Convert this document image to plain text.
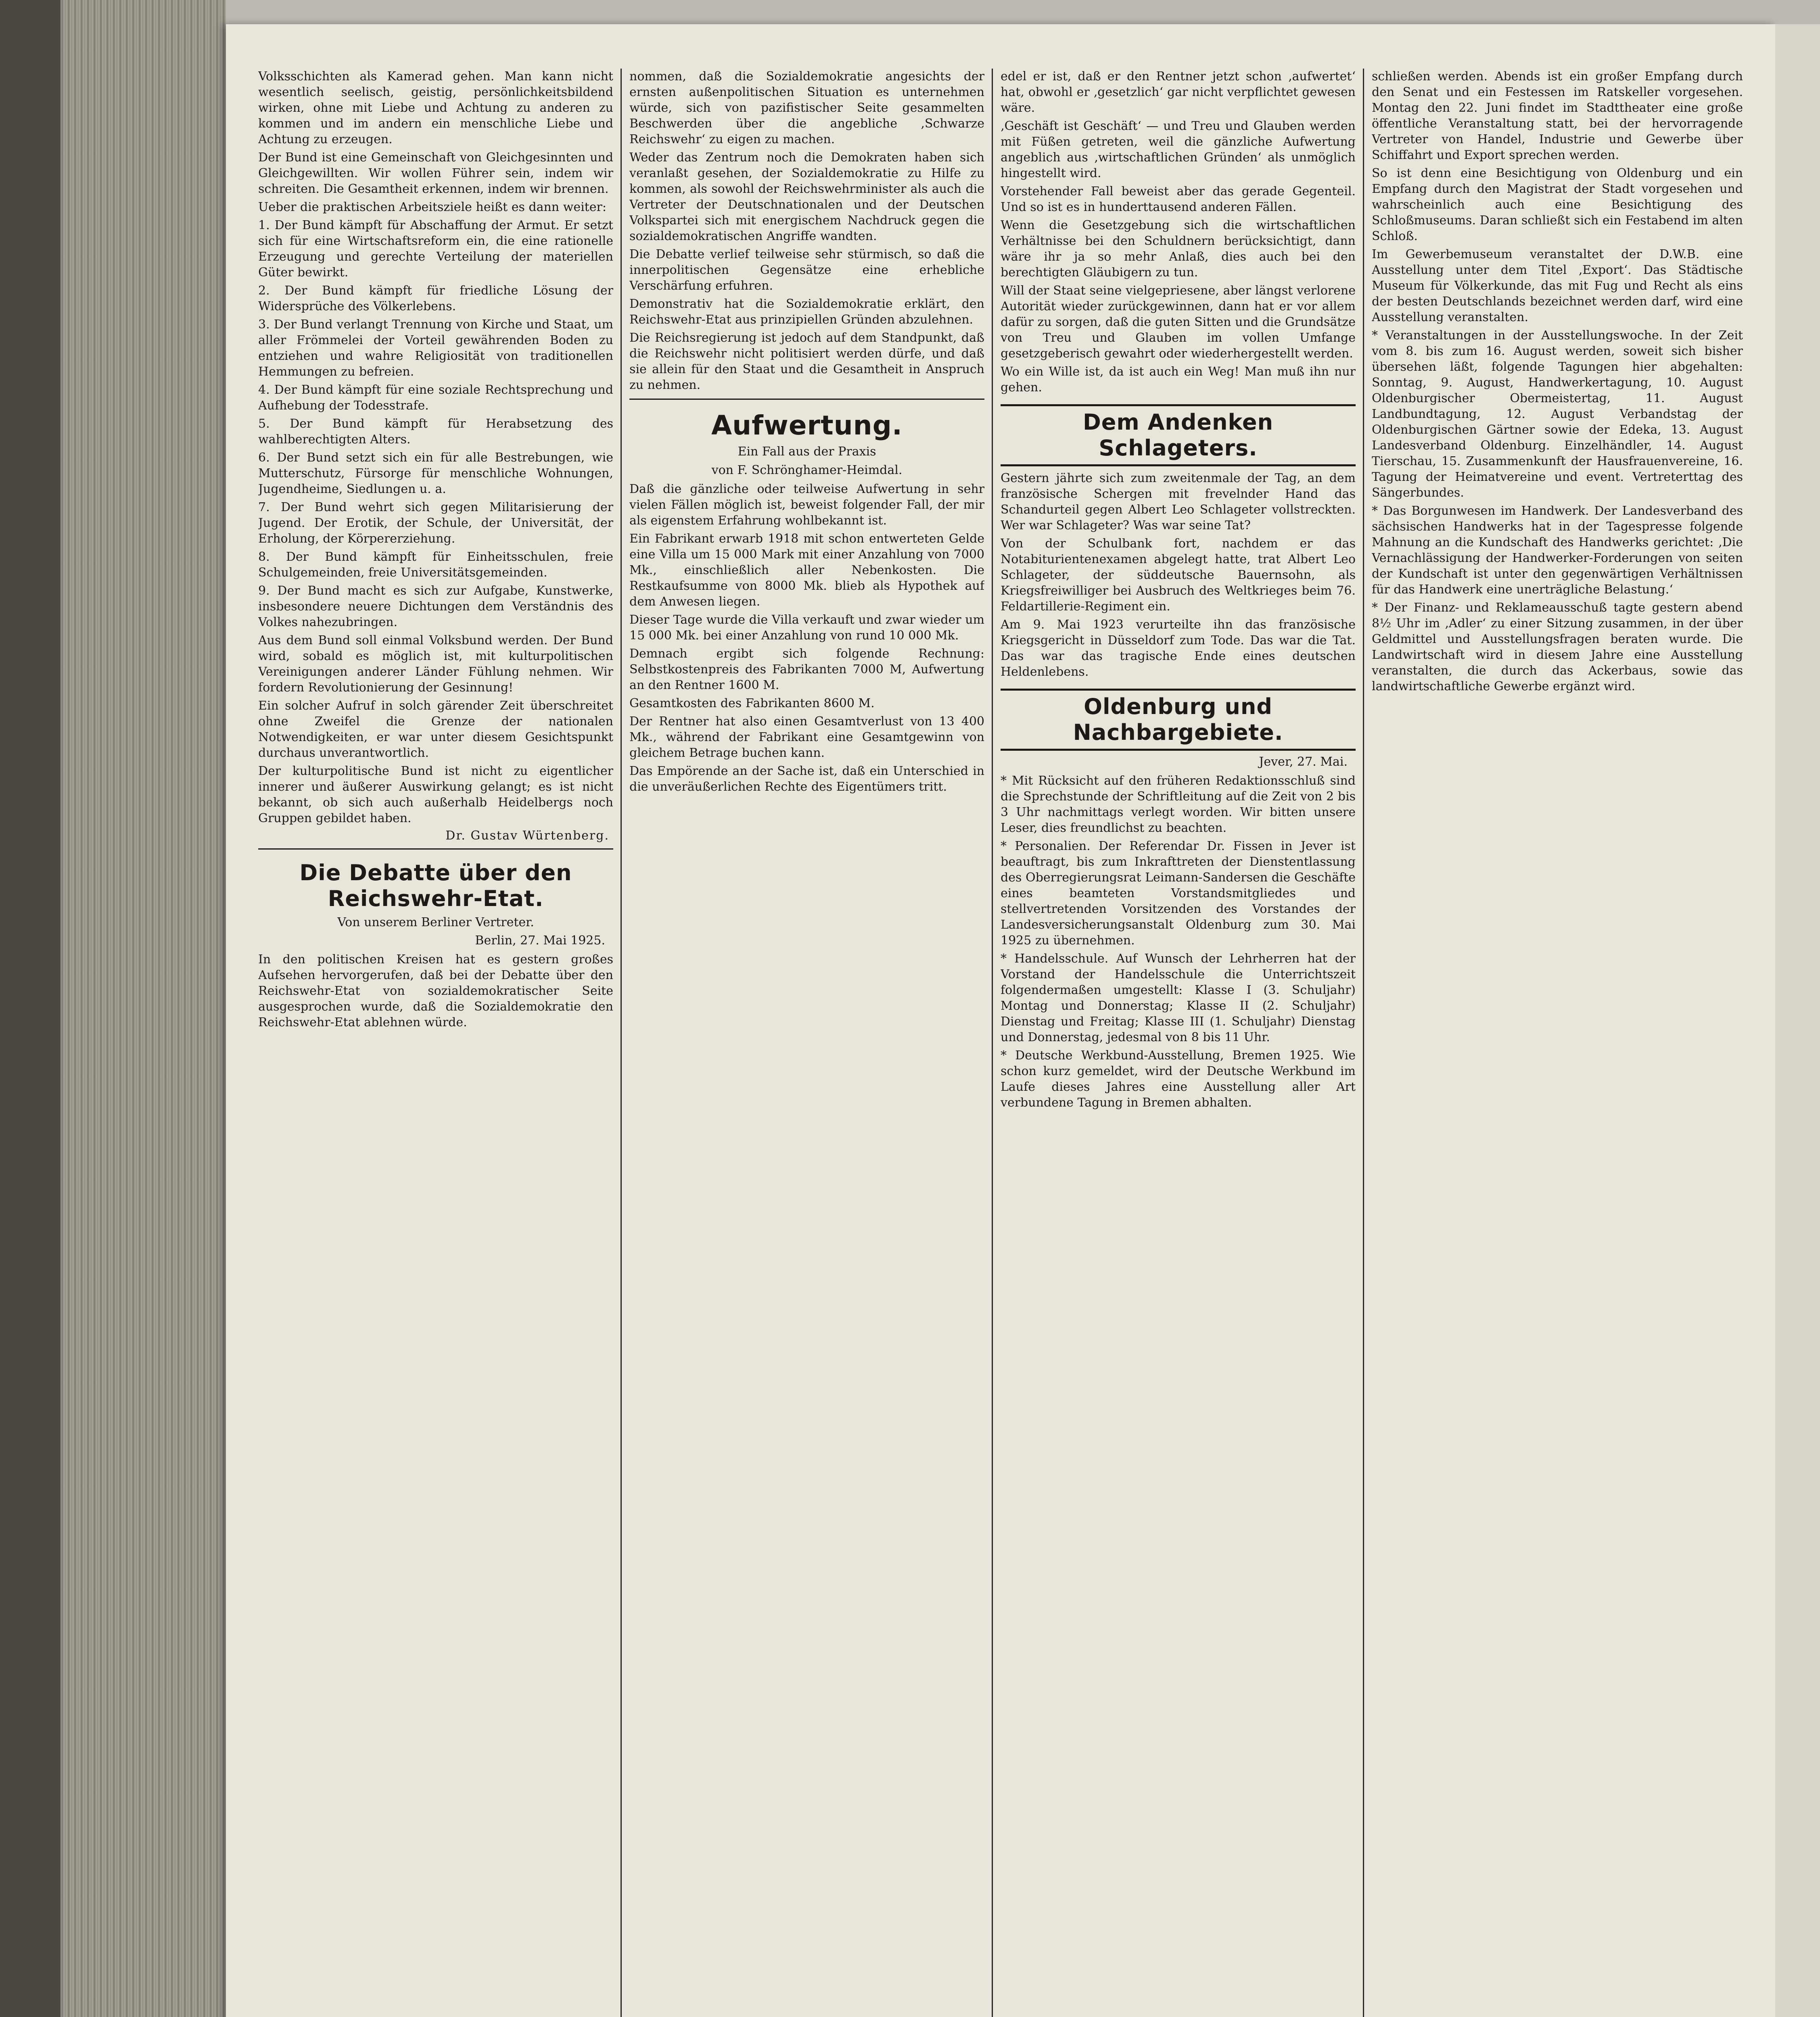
Volksschichten als Kamerad gehen. Man kann nicht wesentlich seelisch, geistig, persönlichkeitsbildend wirken, ohne mit Liebe und Achtung zu anderen zu kommen und im andern ein menschliche Liebe und Achtung zu erzeugen.

Der Bund ist eine Gemeinschaft von Gleichgesinnten und Gleichgewillten. Wir wollen Führer sein, indem wir schreiten. Die Gesamtheit erkennen, indem wir brennen.

Ueber die praktischen Arbeitsziele heißt es dann weiter:

1. Der Bund kämpft für Abschaffung der Armut. Er setzt sich für eine Wirtschaftsreform ein, die eine rationelle Erzeugung und gerechte Verteilung der materiellen Güter bewirkt.

2. Der Bund kämpft für friedliche Lösung der Widersprüche des Völkerlebens.

3. Der Bund verlangt Trennung von Kirche und Staat, um aller Frömmelei der Vorteil gewährenden Boden zu entziehen und wahre Religiosität von traditionellen Hemmungen zu befreien.

4. Der Bund kämpft für eine soziale Rechtsprechung und Aufhebung der Todesstrafe.

5. Der Bund kämpft für Herabsetzung des wahlberechtigten Alters.

6. Der Bund setzt sich ein für alle Bestrebungen, wie Mutterschutz, Fürsorge für menschliche Wohnungen, Jugendheime, Siedlungen u. a.

7. Der Bund wehrt sich gegen Militarisierung der Jugend. Der Erotik, der Schule, der Universität, der Erholung, der Körpererziehung.

8. Der Bund kämpft für Einheitsschulen, freie Schulgemeinden, freie Universitätsgemeinden.

9. Der Bund macht es sich zur Aufgabe, Kunstwerke, insbesondere neuere Dichtungen dem Verständnis des Volkes nahezubringen.

Aus dem Bund soll einmal Volksbund werden. Der Bund wird, sobald es möglich ist, mit kulturpolitischen Vereinigungen anderer Länder Fühlung nehmen. Wir fordern Revolutionierung der Gesinnung!

Ein solcher Aufruf in solch gärender Zeit überschreitet ohne Zweifel die Grenze der nationalen Notwendigkeiten, er war unter diesem Gesichtspunkt durchaus unverantwortlich.

Der kulturpolitische Bund ist nicht zu eigentlicher innerer und äußerer Auswirkung gelangt; es ist nicht bekannt, ob sich auch außerhalb Heidelbergs noch Gruppen gebildet haben.

Dr. Gustav Würtenberg.
Die Debatte über den Reichswehr-Etat.
Von unserem Berliner Vertreter.
Berlin, 27. Mai 1925.

In den politischen Kreisen hat es gestern großes Aufsehen hervorgerufen, daß bei der Debatte über den Reichswehr-Etat von sozialdemokratischer Seite ausgesprochen wurde, daß die Sozialdemokratie den Reichswehr-Etat ablehnen würde.

nommen, daß die Sozialdemokratie angesichts der ernsten außenpolitischen Situation es unternehmen würde, sich von pazifistischer Seite gesammelten Beschwerden über die angebliche ‚Schwarze Reichswehr‘ zu eigen zu machen.

Weder das Zentrum noch die Demokraten haben sich veranlaßt gesehen, der Sozialdemokratie zu Hilfe zu kommen, als sowohl der Reichswehrminister als auch die Vertreter der Deutschnationalen und der Deutschen Volkspartei sich mit energischem Nachdruck gegen die sozialdemokratischen Angriffe wandten.

Die Debatte verlief teilweise sehr stürmisch, so daß die innerpolitischen Gegensätze eine erhebliche Verschärfung erfuhren.

Demonstrativ hat die Sozialdemokratie erklärt, den Reichswehr-Etat aus prinzipiellen Gründen abzulehnen.

Die Reichsregierung ist jedoch auf dem Standpunkt, daß die Reichswehr nicht politisiert werden dürfe, und daß sie allein für den Staat und die Gesamtheit in Anspruch zu nehmen.

Aufwertung.
Ein Fall aus der Praxis
von F. Schrönghamer-Heimdal.

Daß die gänzliche oder teilweise Aufwertung in sehr vielen Fällen möglich ist, beweist folgender Fall, der mir als eigenstem Erfahrung wohlbekannt ist.

Ein Fabrikant erwarb 1918 mit schon entwerteten Gelde eine Villa um 15 000 Mark mit einer Anzahlung von 7000 Mk., einschließlich aller Nebenkosten. Die Restkaufsumme von 8000 Mk. blieb als Hypothek auf dem Anwesen liegen.

Dieser Tage wurde die Villa verkauft und zwar wieder um 15 000 Mk. bei einer Anzahlung von rund 10 000 Mk.

Demnach ergibt sich folgende Rechnung: Selbstkostenpreis des Fabrikanten 7000 M, Aufwertung an den Rentner 1600 M.

Gesamtkosten des Fabrikanten 8600 M.

Der Rentner hat also einen Gesamtverlust von 13 400 Mk., während der Fabrikant eine Gesamtgewinn von gleichem Betrage buchen kann.

Das Empörende an der Sache ist, daß ein Unterschied in die unveräußerlichen Rechte des Eigentümers tritt.

edel er ist, daß er den Rentner jetzt schon ‚aufwertet‘ hat, obwohl er ‚gesetzlich‘ gar nicht verpflichtet gewesen wäre.

‚Geschäft ist Geschäft‘ — und Treu und Glauben werden mit Füßen getreten, weil die gänzliche Aufwertung angeblich aus ‚wirtschaftlichen Gründen‘ als unmöglich hingestellt wird.

Vorstehender Fall beweist aber das gerade Gegenteil. Und so ist es in hunderttausend anderen Fällen.

Wenn die Gesetzgebung sich die wirtschaftlichen Verhältnisse bei den Schuldnern berücksichtigt, dann wäre ihr ja so mehr Anlaß, dies auch bei den berechtigten Gläubigern zu tun.

Will der Staat seine vielgepriesene, aber längst verlorene Autorität wieder zurückgewinnen, dann hat er vor allem dafür zu sorgen, daß die guten Sitten und die Grundsätze von Treu und Glauben im vollen Umfange gesetzgeberisch gewahrt oder wiederhergestellt werden.

Wo ein Wille ist, da ist auch ein Weg! Man muß ihn nur gehen.

Dem Andenken Schlageters.

Gestern jährte sich zum zweitenmale der Tag, an dem französische Schergen mit frevelnder Hand das Schandurteil gegen Albert Leo Schlageter vollstreckten. Wer war Schlageter? Was war seine Tat?

Von der Schulbank fort, nachdem er das Notabiturientenexamen abgelegt hatte, trat Albert Leo Schlageter, der süddeutsche Bauernsohn, als Kriegsfreiwilliger bei Ausbruch des Weltkrieges beim 76. Feldartillerie-Regiment ein.

Am 9. Mai 1923 verurteilte ihn das französische Kriegsgericht in Düsseldorf zum Tode. Das war die Tat. Das war das tragische Ende eines deutschen Heldenlebens.

Oldenburg und Nachbargebiete.
Jever, 27. Mai.

* Mit Rücksicht auf den früheren Redaktionsschluß sind die Sprechstunde der Schriftleitung auf die Zeit von 2 bis 3 Uhr nachmittags verlegt worden. Wir bitten unsere Leser, dies freundlichst zu beachten.

* Personalien. Der Referendar Dr. Fissen in Jever ist beauftragt, bis zum Inkrafttreten der Dienstentlassung des Oberregierungsrat Leimann-Sandersen die Geschäfte eines beamteten Vorstandsmitgliedes und stellvertretenden Vorsitzenden des Vorstandes der Landesversicherungsanstalt Oldenburg zum 30. Mai 1925 zu übernehmen.

* Handelsschule. Auf Wunsch der Lehrherren hat der Vorstand der Handelsschule die Unterrichtszeit folgendermaßen umgestellt: Klasse I (3. Schuljahr) Montag und Donnerstag; Klasse II (2. Schuljahr) Dienstag und Freitag; Klasse III (1. Schuljahr) Dienstag und Donnerstag, jedesmal von 8 bis 11 Uhr.

* Deutsche Werkbund-Ausstellung, Bremen 1925. Wie schon kurz gemeldet, wird der Deutsche Werkbund im Laufe dieses Jahres eine Ausstellung aller Art verbundene Tagung in Bremen abhalten.

schließen werden. Abends ist ein großer Empfang durch den Senat und ein Festessen im Ratskeller vorgesehen. Montag den 22. Juni findet im Stadttheater eine große öffentliche Veranstaltung statt, bei der hervorragende Vertreter von Handel, Industrie und Gewerbe über Schiffahrt und Export sprechen werden.

So ist denn eine Besichtigung von Oldenburg und ein Empfang durch den Magistrat der Stadt vorgesehen und wahrscheinlich auch eine Besichtigung des Schloßmuseums. Daran schließt sich ein Festabend im alten Schloß.

Im Gewerbemuseum veranstaltet der D.W.B. eine Ausstellung unter dem Titel ‚Export‘. Das Städtische Museum für Völkerkunde, das mit Fug und Recht als eins der besten Deutschlands bezeichnet werden darf, wird eine Ausstellung veranstalten.

* Veranstaltungen in der Ausstellungswoche. In der Zeit vom 8. bis zum 16. August werden, soweit sich bisher übersehen läßt, folgende Tagungen hier abgehalten: Sonntag, 9. August, Handwerkertagung, 10. August Oldenburgischer Obermeistertag, 11. August Landbundtagung, 12. August Verbandstag der Oldenburgischen Gärtner sowie der Edeka, 13. August Landesverband Oldenburg. Einzelhändler, 14. August Tierschau, 15. Zusammenkunft der Hausfrauenvereine, 16. Tagung der Heimatvereine und event. Vertreterttag des Sängerbundes.

* Das Borgunwesen im Handwerk. Der Landesverband des sächsischen Handwerks hat in der Tagespresse folgende Mahnung an die Kundschaft des Handwerks gerichtet: ‚Die Vernachlässigung der Handwerker-Forderungen von seiten der Kundschaft ist unter den gegenwärtigen Verhältnissen für das Handwerk eine unerträgliche Belastung.‘

* Der Finanz- und Reklameausschuß tagte gestern abend 8½ Uhr im ‚Adler‘ zu einer Sitzung zusammen, in der über Geldmittel und Ausstellungsfragen beraten wurde. Die Landwirtschaft wird in diesem Jahre eine Ausstellung veranstalten, die durch das Ackerbaus, sowie das landwirtschaftliche Gewerbe ergänzt wird.
